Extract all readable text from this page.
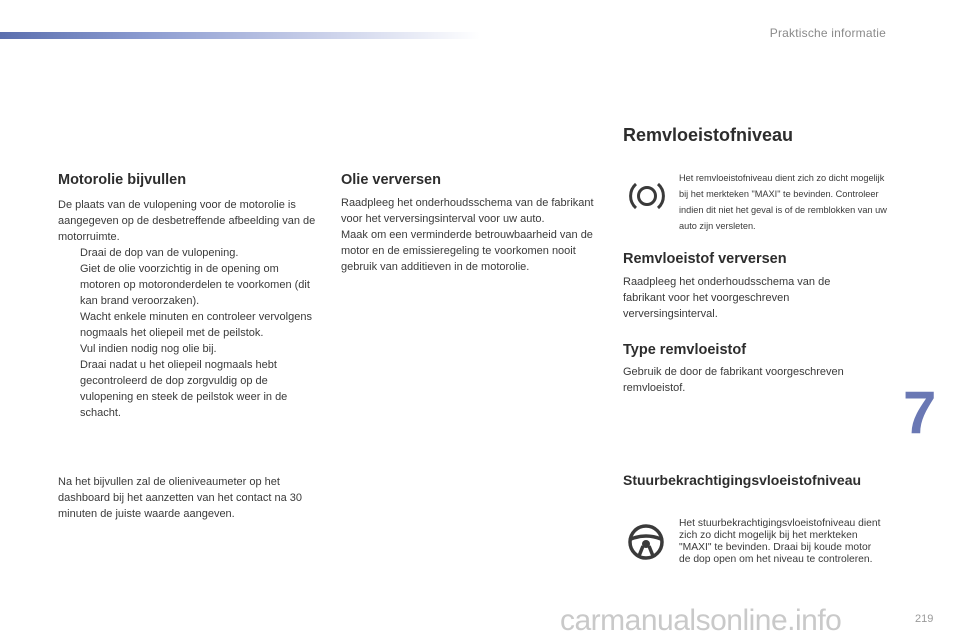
Praktische informatie
Motorolie bijvullen

De plaats van de vulopening voor de motorolie is aangegeven op de desbetreffende afbeelding van de motorruimte.

Draai de dop van de vulopening.
Giet de olie voorzichtig in de opening om motoren op motoronderdelen te voorkomen (dit kan brand veroorzaken).
Wacht enkele minuten en controleer vervolgens nogmaals het oliepeil met de peilstok.
Vul indien nodig nog olie bij.
Draai nadat u het oliepeil nogmaals hebt gecontroleerd de dop zorgvuldig op de vulopening en steek de peilstok weer in de schacht.

Na het bijvullen zal de olieniveaumeter op het dashboard bij het aanzetten van het contact na 30 minuten de juiste waarde aangeven.

Olie verversen

Raadpleeg het onderhoudsschema van de fabrikant voor het verversingsinterval voor uw auto.

Maak om een verminderde betrouwbaarheid van de motor en de emissieregeling te voorkomen nooit gebruik van additieven in de motorolie.

Remvloeistofniveau

Het remvloeistofniveau dient zich zo dicht mogelijk bij het merkteken "MAXI" te bevinden. Controleer indien dit niet het geval is of de remblokken van uw auto zijn versleten.

Remvloeistof verversen

Raadpleeg het onderhoudsschema van de fabrikant voor het voorgeschreven verversingsinterval.

Type remvloeistof

Gebruik de door de fabrikant voorgeschreven remvloeistof.

Stuurbekrachtigingsvloeistofniveau

Het stuurbekrachtigingsvloeistofniveau dient zich zo dicht mogelijk bij het merkteken "MAXI" te bevinden. Draai bij koude motor de dop open om het niveau te controleren.

7
carmanualsonline.info	219
